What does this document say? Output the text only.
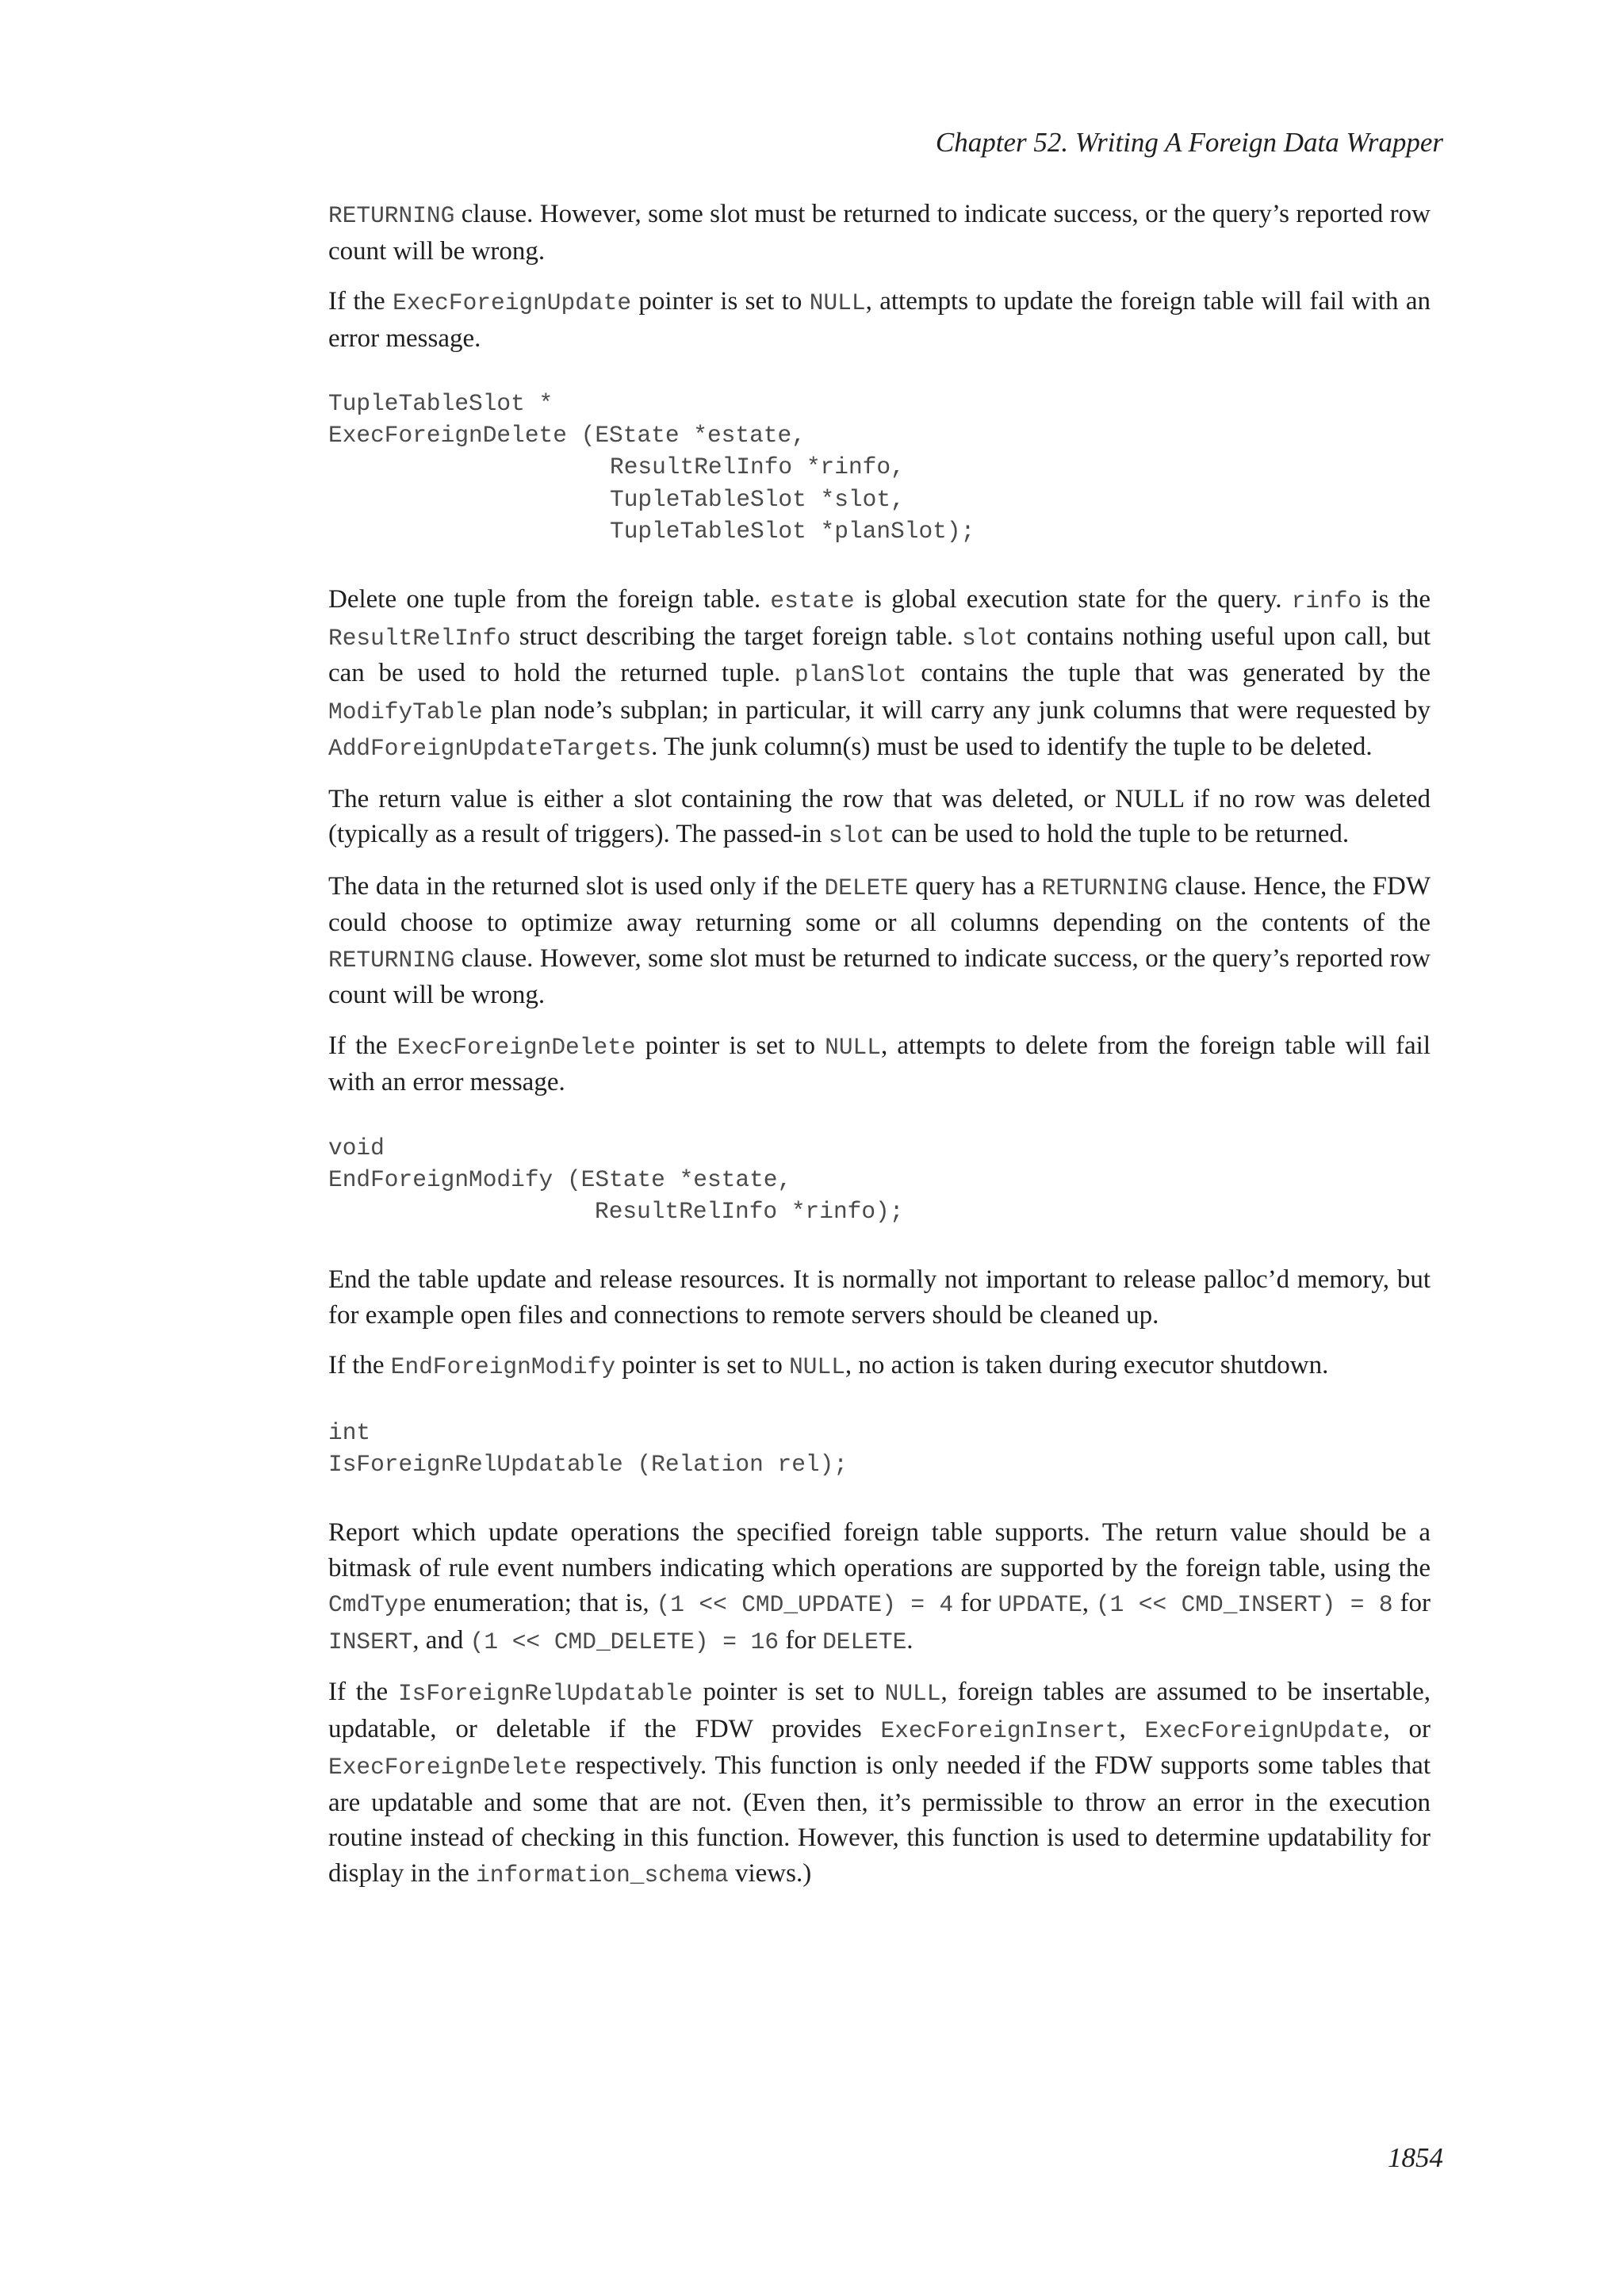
Chapter 52. Writing A Foreign Data Wrapper

RETURNING clause. However, some slot must be returned to indicate success, or the query’s reported row count will be wrong.

If the ExecForeignUpdate pointer is set to NULL, attempts to update the foreign table will fail with an error message.

TupleTableSlot *
ExecForeignDelete (EState *estate,
ResultRelInfo *rinfo,
TupleTableSlot *slot,
TupleTableSlot *planSlot);

Delete one tuple from the foreign table. estate is global execution state for the query. rinfo is the ResultRelInfo struct describing the target foreign table. slot contains nothing useful upon call, but can be used to hold the returned tuple. planSlot contains the tuple that was generated by the ModifyTable plan node’s subplan; in particular, it will carry any junk columns that were requested by AddForeignUpdateTargets. The junk column(s) must be used to identify the tuple to be deleted.

The return value is either a slot containing the row that was deleted, or NULL if no row was deleted (typically as a result of triggers). The passed-in slot can be used to hold the tuple to be returned.

The data in the returned slot is used only if the DELETE query has a RETURNING clause. Hence, the FDW could choose to optimize away returning some or all columns depending on the contents of the RETURNING clause. However, some slot must be returned to indicate success, or the query’s reported row count will be wrong.

If the ExecForeignDelete pointer is set to NULL, attempts to delete from the foreign table will fail with an error message.

void
EndForeignModify (EState *estate,
ResultRelInfo *rinfo);

End the table update and release resources. It is normally not important to release palloc’d memory, but for example open files and connections to remote servers should be cleaned up.

If the EndForeignModify pointer is set to NULL, no action is taken during executor shutdown.

int
IsForeignRelUpdatable (Relation rel);

Report which update operations the specified foreign table supports. The return value should be a bitmask of rule event numbers indicating which operations are supported by the foreign table, using the CmdType enumeration; that is, (1 << CMD_UPDATE) = 4 for UPDATE, (1 << CMD_INSERT) = 8 for INSERT, and (1 << CMD_DELETE) = 16 for DELETE.

If the IsForeignRelUpdatable pointer is set to NULL, foreign tables are assumed to be insertable, updatable, or deletable if the FDW provides ExecForeignInsert, ExecForeignUpdate, or ExecForeignDelete respectively. This function is only needed if the FDW supports some tables that are updatable and some that are not. (Even then, it’s permissible to throw an error in the execution routine instead of checking in this function. However, this function is used to determine updatability for display in the information_schema views.)

1854
